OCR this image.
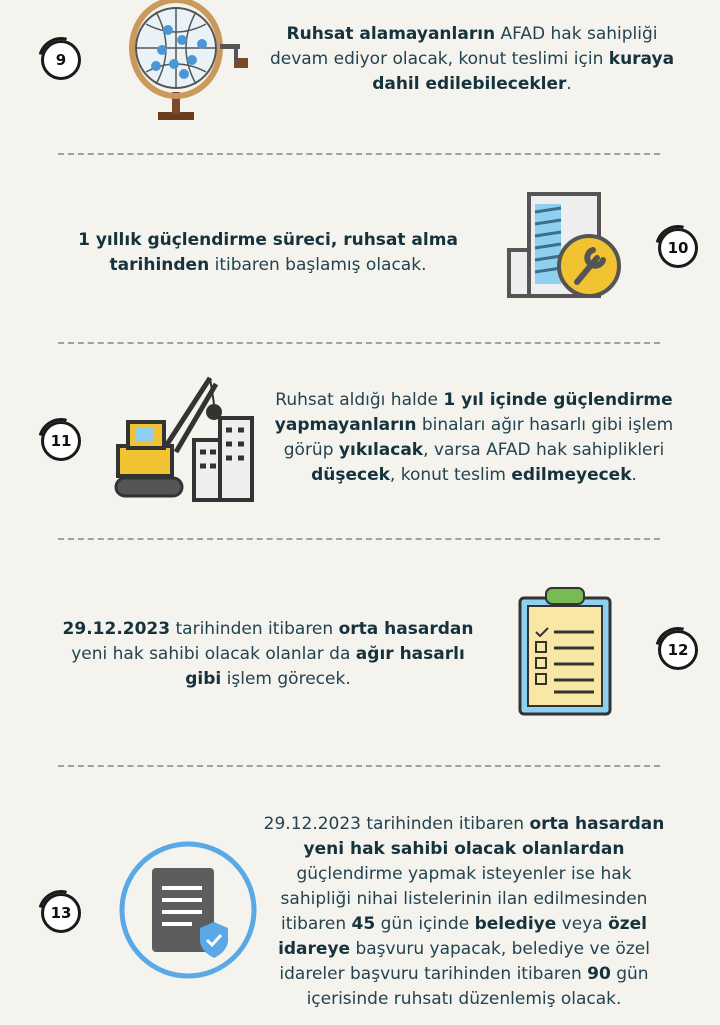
9
Ruhsat alamayanların AFAD hak sahipliği devam ediyor olacak, konut teslimi için kuraya dahil edilebilecekler.
1 yıllık güçlendirme süreci, ruhsat alma tarihinden itibaren başlamış olacak.
10
11
Ruhsat aldığı halde 1 yıl içinde güçlendirme yapmayanların binaları ağır hasarlı gibi işlem görüp yıkılacak, varsa AFAD hak sahiplikleri düşecek, konut teslim edilmeyecek.
29.12.2023 tarihinden itibaren orta hasardan yeni hak sahibi olacak olanlar da ağır hasarlı gibi işlem görecek.
12
13
29.12.2023 tarihinden itibaren orta hasardan yeni hak sahibi olacak olanlardan güçlendirme yapmak isteyenler ise hak sahipliği nihai listelerinin ilan edilmesinden itibaren 45 gün içinde belediye veya özel idareye başvuru yapacak, belediye ve özel idareler başvuru tarihinden itibaren 90 gün içerisinde ruhsatı düzenlemiş olacak.
